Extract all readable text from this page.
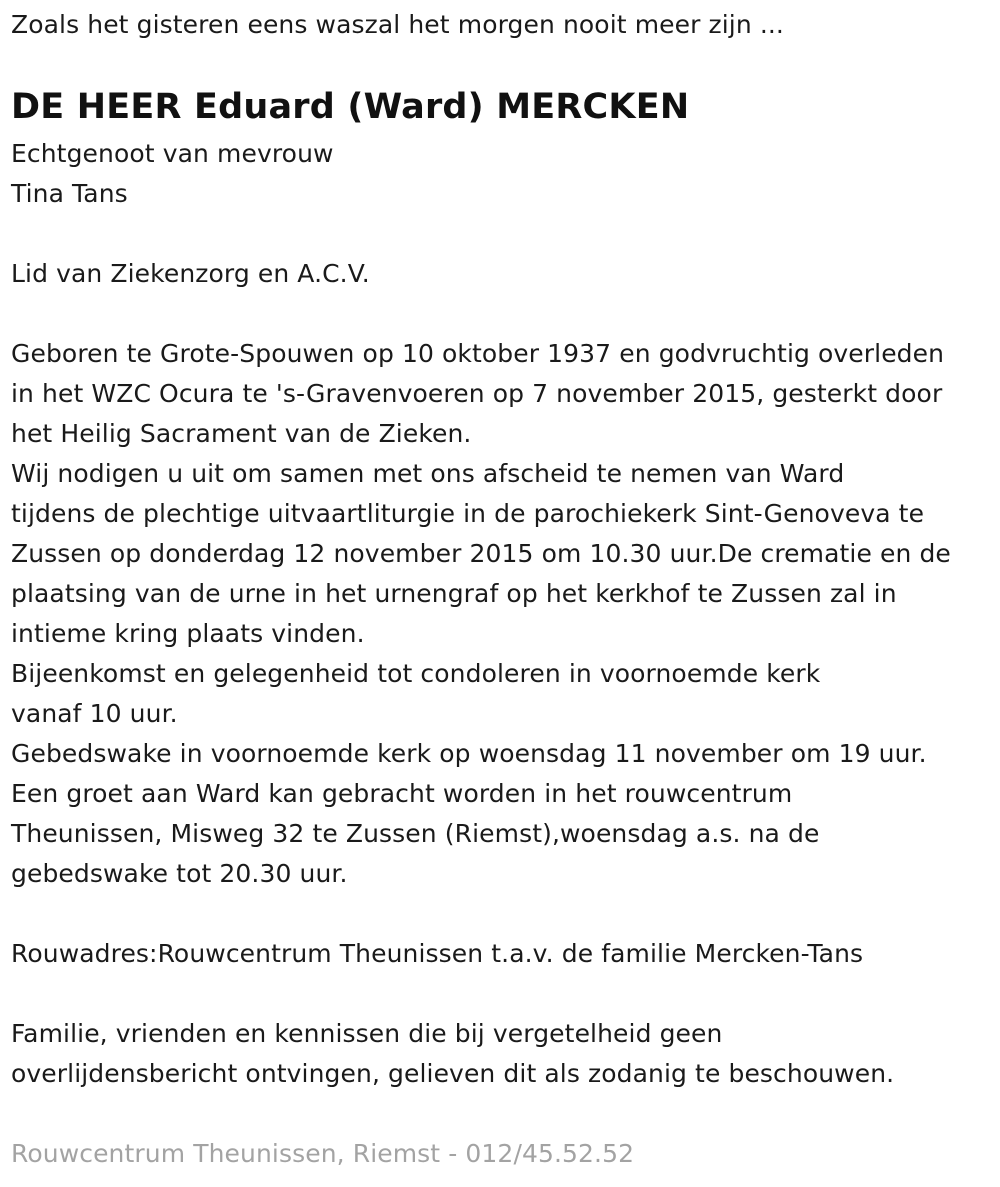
Zoals het gisteren eens waszal het morgen nooit meer zijn ...
DE HEER Eduard (Ward) MERCKEN
Echtgenoot van mevrouw
Tina Tans
Lid van Ziekenzorg en A.C.V.
Geboren te Grote-Spouwen op 10 oktober 1937 en godvruchtig overleden
in het WZC Ocura te 's-Gravenvoeren op 7 november 2015, gesterkt door
het Heilig Sacrament van de Zieken.
Wij nodigen u uit om samen met ons afscheid te nemen van Ward
tijdens de plechtige uitvaartliturgie in de parochiekerk Sint-Genoveva te
Zussen op donderdag 12 november 2015 om 10.30 uur.De crematie en de
plaatsing van de urne in het urnengraf op het kerkhof te Zussen zal in
intieme kring plaats vinden.
Bijeenkomst en gelegenheid tot condoleren in voornoemde kerk
vanaf 10 uur.
Gebedswake in voornoemde kerk op woensdag 11 november om 19 uur.
Een groet aan Ward kan gebracht worden in het rouwcentrum
Theunissen, Misweg 32 te Zussen (Riemst),woensdag a.s. na de
gebedswake tot 20.30 uur.
Rouwadres:Rouwcentrum Theunissen t.a.v. de familie Mercken-Tans
Familie, vrienden en kennissen die bij vergetelheid geen
overlijdensbericht ontvingen, gelieven dit als zodanig te beschouwen.
Rouwcentrum Theunissen, Riemst - 012/45.52.52
